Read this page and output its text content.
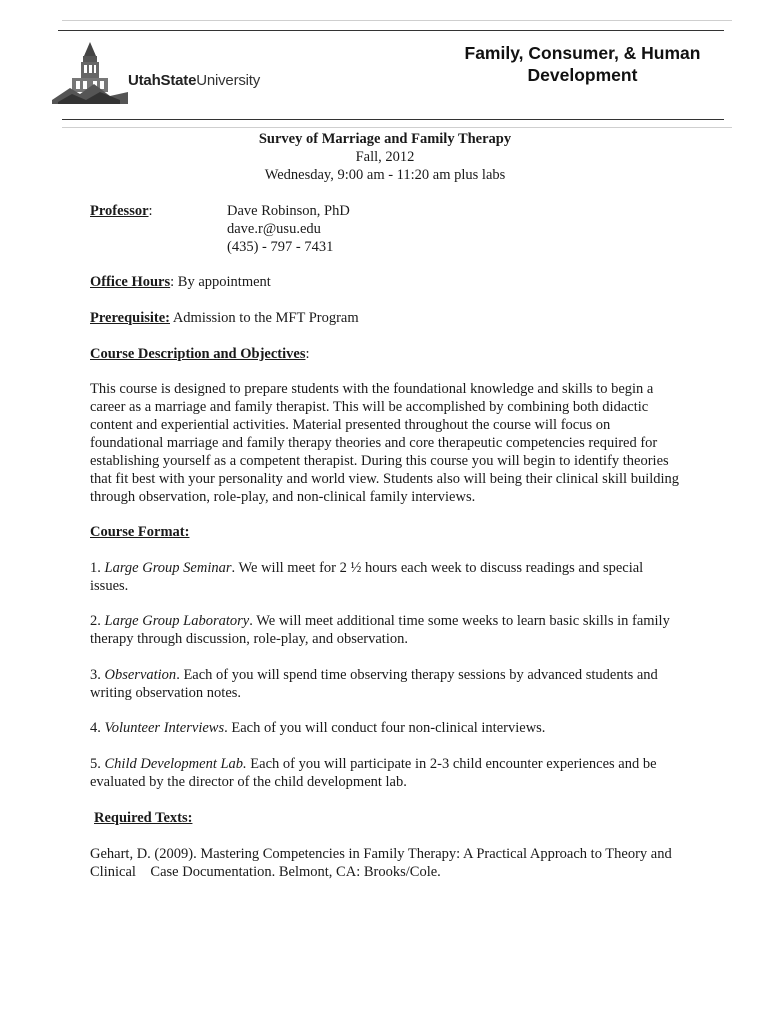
UtahStateUniversity
Family, Consumer, & Human
Development
Survey of Marriage and Family Therapy
Fall, 2012
Wednesday, 9:00 am - 11:20 am plus labs
Professor:	Dave Robinson, PhD
dave.r@usu.edu
(435) - 797 - 7431
Office Hours: By appointment
Prerequisite: Admission to the MFT Program
Course Description and Objectives:
This course is designed to prepare students with the foundational knowledge and skills to begin a career as a marriage and family therapist. This will be accomplished by combining both didactic content and experiential activities. Material presented throughout the course will focus on foundational marriage and family therapy theories and core therapeutic competencies required for establishing yourself as a competent therapist. During this course you will begin to identify theories that fit best with your personality and world view. Students also will being their clinical skill building through observation, role-play, and non-clinical family interviews.
Course Format:
1. Large Group Seminar. We will meet for 2 ½ hours each week to discuss readings and special issues.
2. Large Group Laboratory. We will meet additional time some weeks to learn basic skills in family therapy through discussion, role-play, and observation.
3. Observation. Each of you will spend time observing therapy sessions by advanced students and writing observation notes.
4. Volunteer Interviews. Each of you will conduct four non-clinical interviews.
5. Child Development Lab. Each of you will participate in 2-3 child encounter experiences and be evaluated by the director of the child development lab.
Required Texts:
Gehart, D. (2009). Mastering Competencies in Family Therapy: A Practical Approach to Theory and Clinical    Case Documentation. Belmont, CA: Brooks/Cole.
